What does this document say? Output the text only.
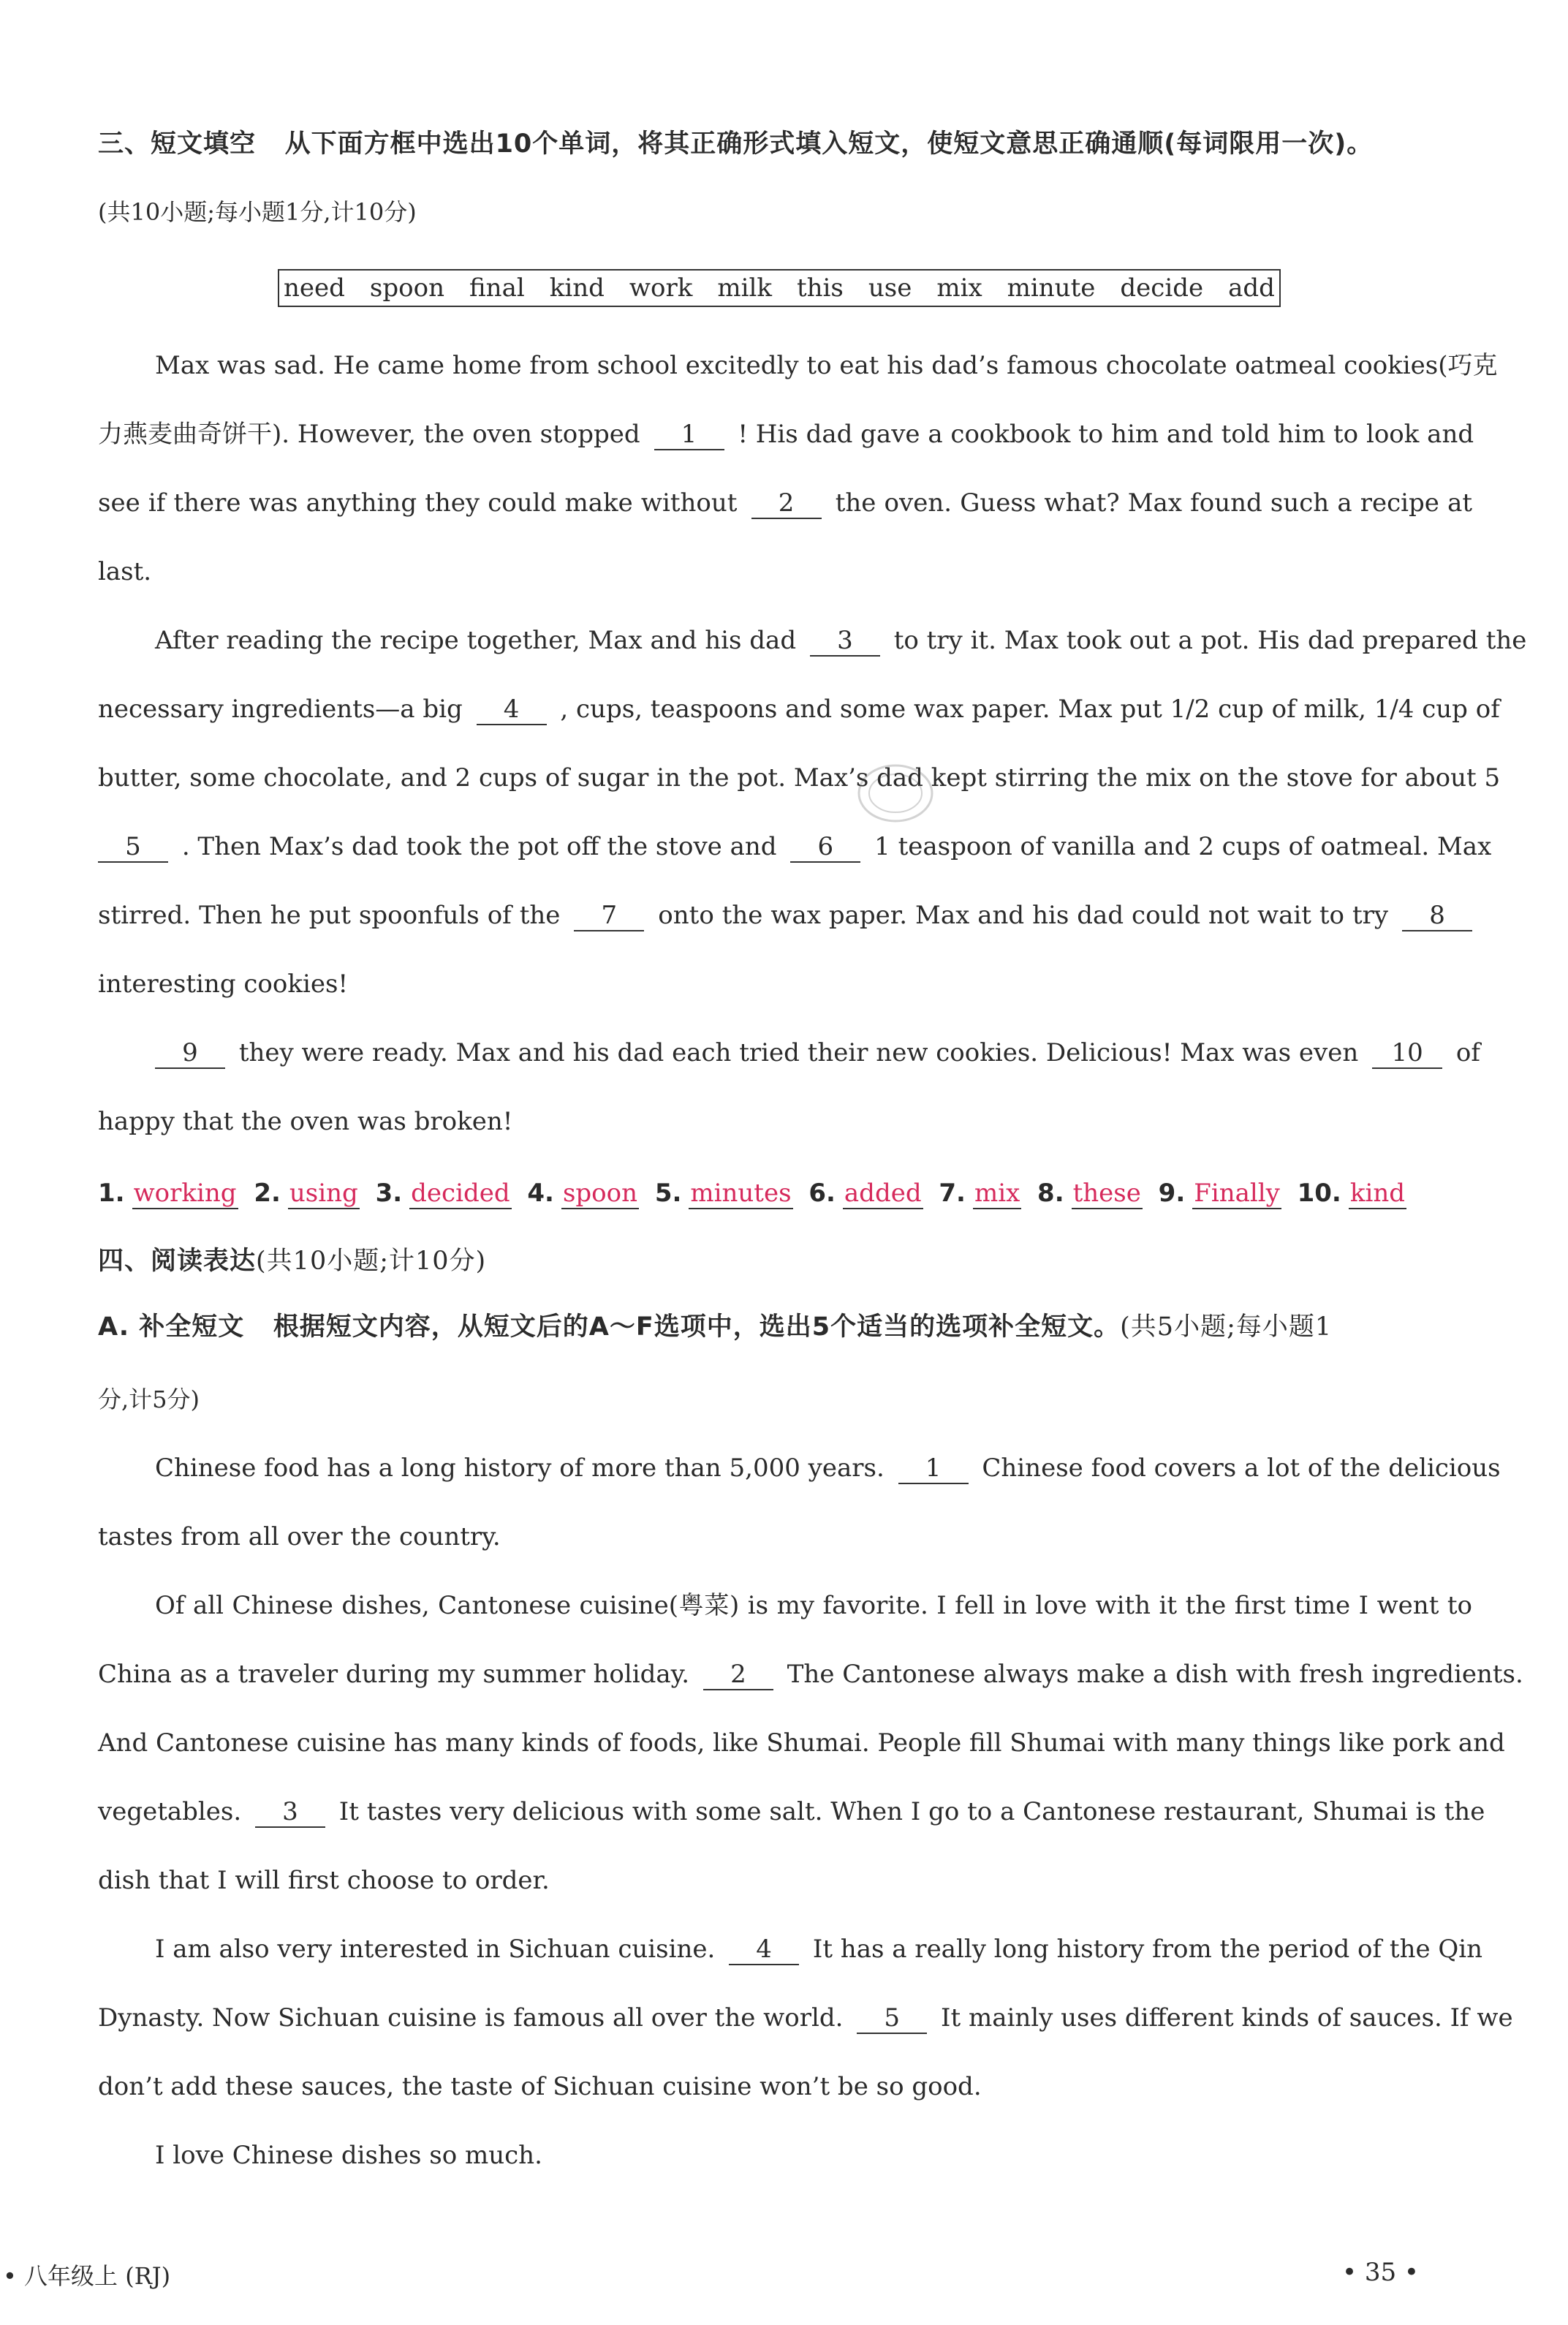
三、短文填空 从下面方框中选出10个单词，将其正确形式填入短文，使短文意思正确通顺(每词限用一次)。
(共10小题;每小题1分,计10分)
need spoon final kind work milk this use mix minute decide add
Max was sad. He came home from school excitedly to eat his dad’s famous chocolate oatmeal cookies(巧克
力燕麦曲奇饼干). However, the oven stopped 1 ! His dad gave a cookbook to him and told him to look and
see if there was anything they could make without 2 the oven. Guess what? Max found such a recipe at
last.
After reading the recipe together, Max and his dad 3 to try it. Max took out a pot. His dad prepared the
necessary ingredients—a big 4 , cups, teaspoons and some wax paper. Max put 1/2 cup of milk, 1/4 cup of
butter, some chocolate, and 2 cups of sugar in the pot. Max’s dad kept stirring the mix on the stove for about 5
5 . Then Max’s dad took the pot off the stove and 6 1 teaspoon of vanilla and 2 cups of oatmeal. Max
stirred. Then he put spoonfuls of the 7 onto the wax paper. Max and his dad could not wait to try 8
interesting cookies!
9 they were ready. Max and his dad each tried their new cookies. Delicious! Max was even 10 of
happy that the oven was broken!
1. working 2. using 3. decided 4. spoon 5. minutes 6. added 7. mix 8. these 9. Finally 10. kind
四、阅读表达(共10小题;计10分)
A. 补全短文 根据短文内容，从短文后的A～F选项中，选出5个适当的选项补全短文。(共5小题;每小题1
分,计5分)
Chinese food has a long history of more than 5,000 years. 1 Chinese food covers a lot of the delicious
tastes from all over the country.
Of all Chinese dishes, Cantonese cuisine(粤菜) is my favorite. I fell in love with it the first time I went to
China as a traveler during my summer holiday. 2 The Cantonese always make a dish with fresh ingredients.
And Cantonese cuisine has many kinds of foods, like Shumai. People fill Shumai with many things like pork and
vegetables. 3 It tastes very delicious with some salt. When I go to a Cantonese restaurant, Shumai is the
dish that I will first choose to order.
I am also very interested in Sichuan cuisine. 4 It has a really long history from the period of the Qin
Dynasty. Now Sichuan cuisine is famous all over the world. 5 It mainly uses different kinds of sauces. If we
don’t add these sauces, the taste of Sichuan cuisine won’t be so good.
I love Chinese dishes so much.
• 八年级上 (RJ)	• 35 •
